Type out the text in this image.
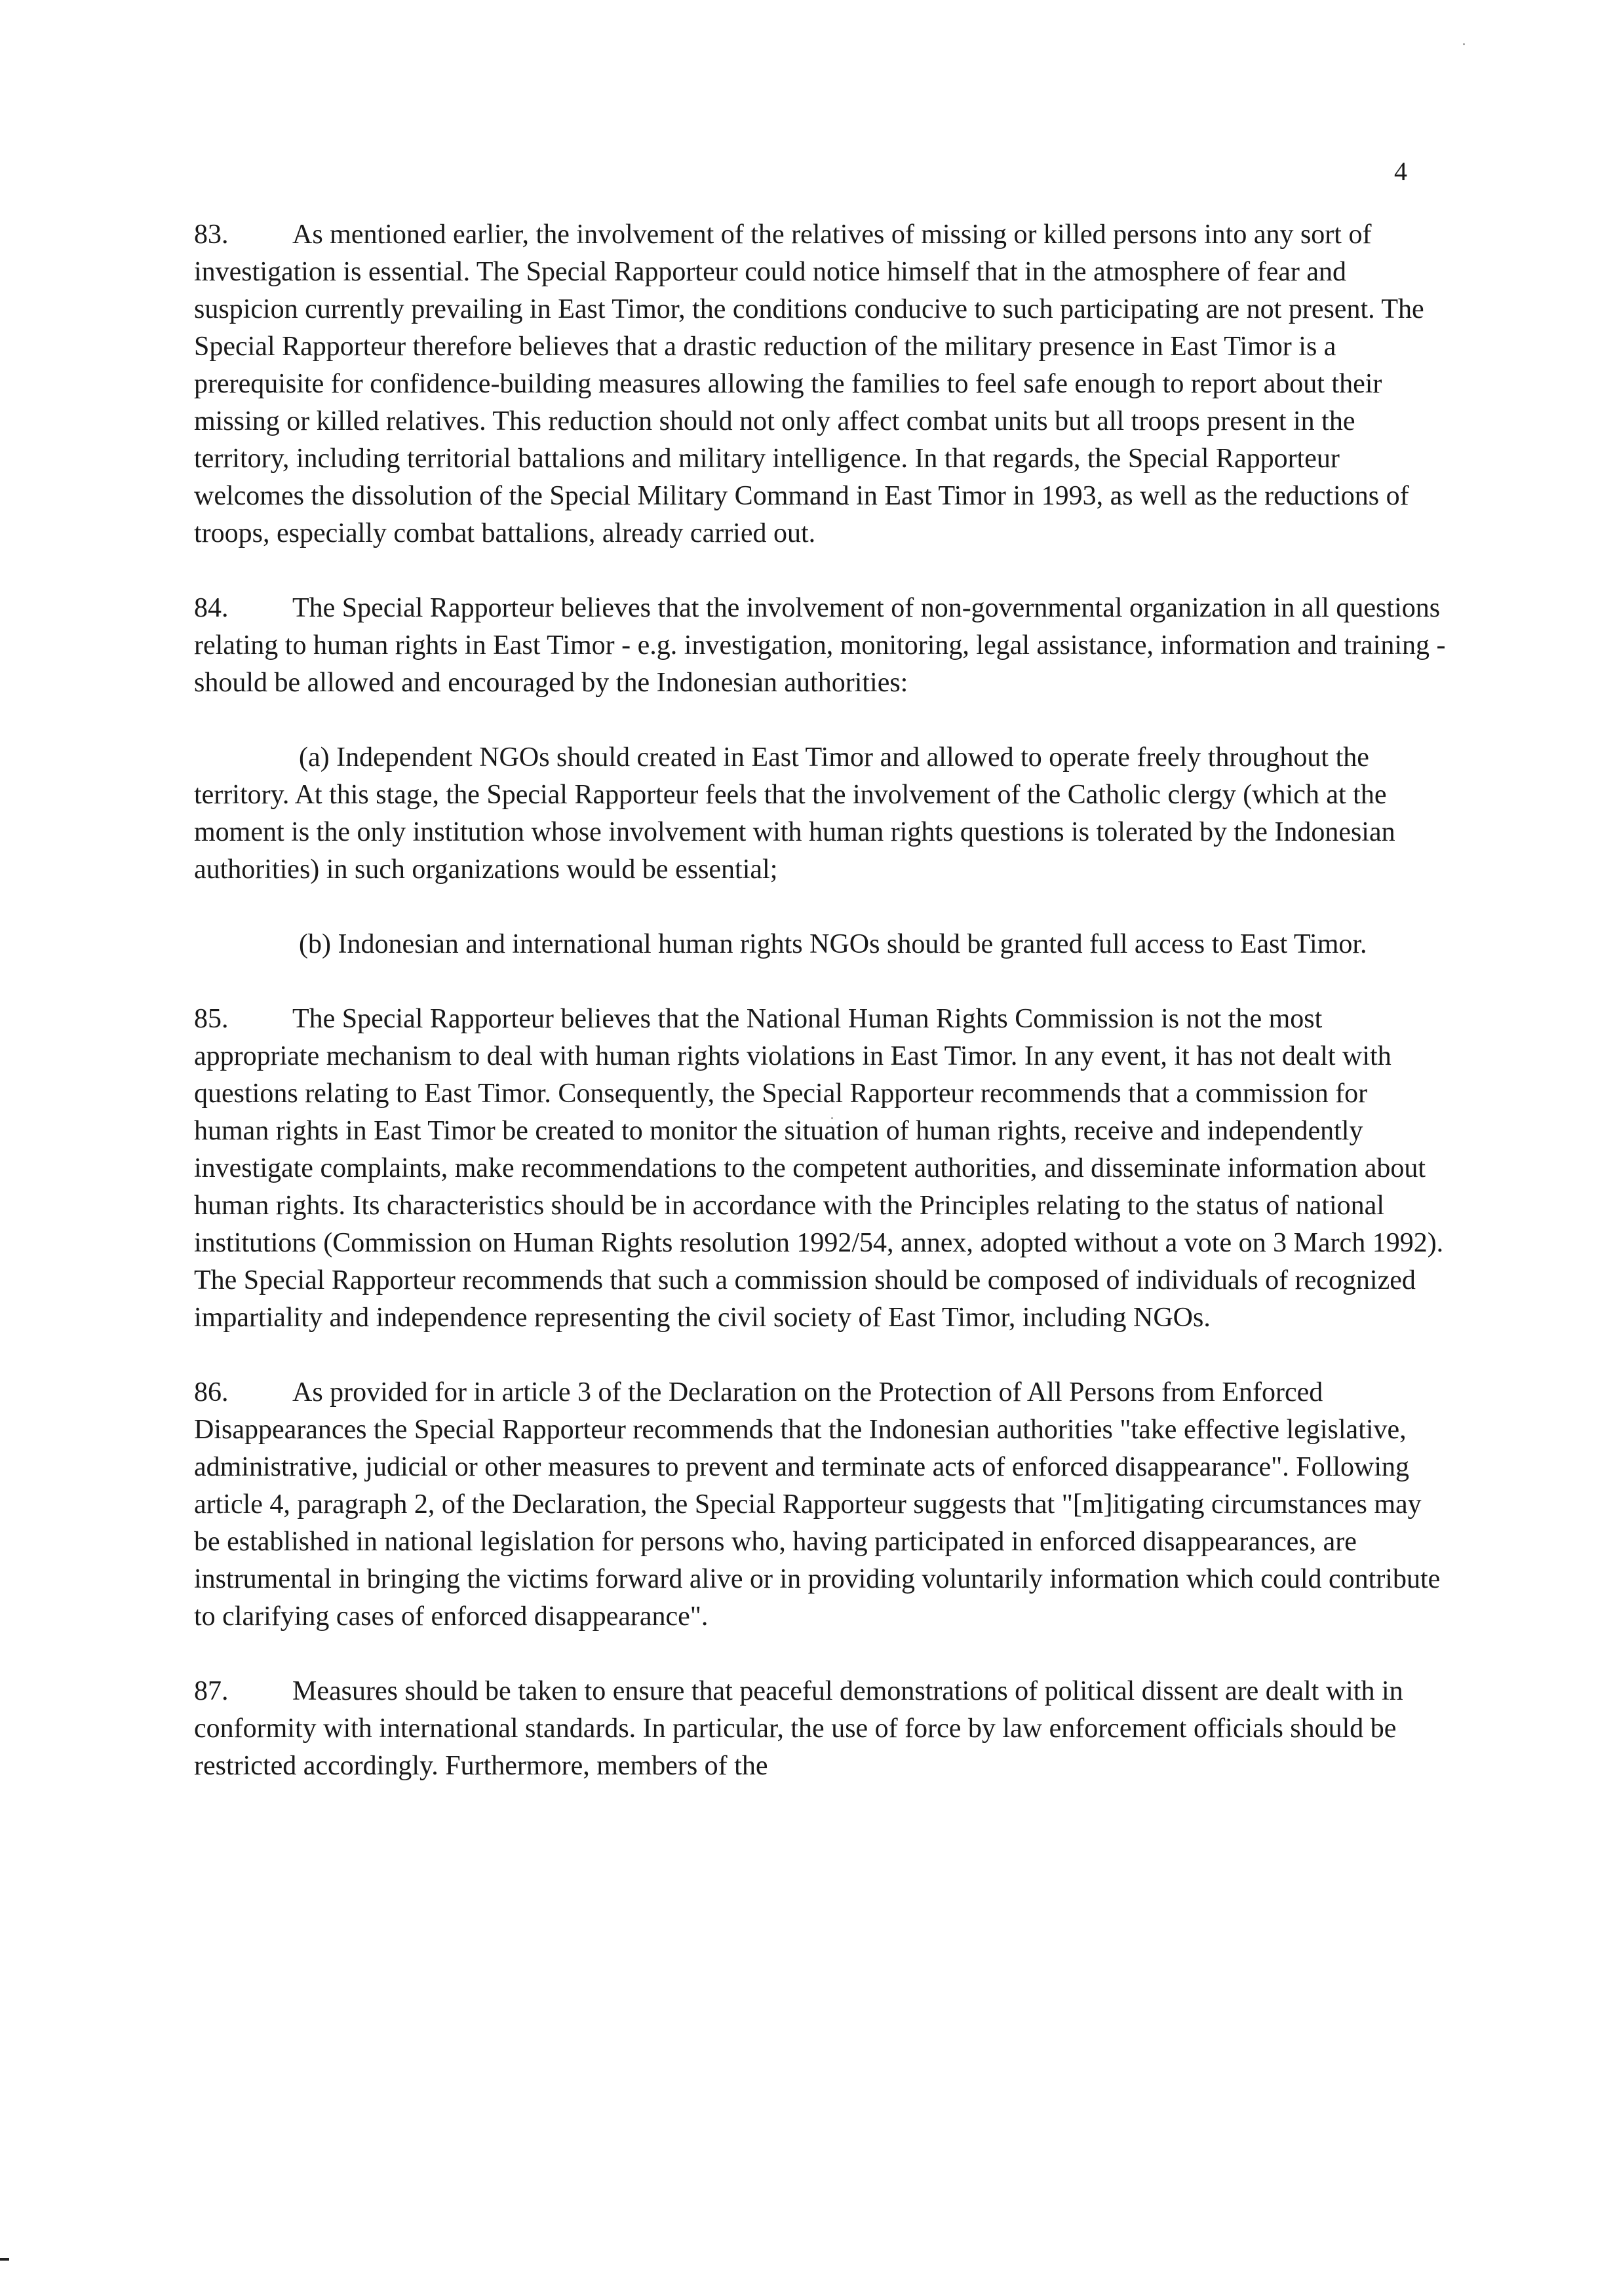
4

83. As mentioned earlier, the involvement of the relatives of missing or killed persons into any sort of investigation is essential. The Special Rapporteur could notice himself that in the atmosphere of fear and suspicion currently prevailing in East Timor, the conditions conducive to such participating are not present. The Special Rapporteur therefore believes that a drastic reduction of the military presence in East Timor is a prerequisite for confidence-building measures allowing the families to feel safe enough to report about their missing or killed relatives. This reduction should not only affect combat units but all troops present in the territory, including territorial battalions and military intelligence. In that regards, the Special Rapporteur welcomes the dissolution of the Special Military Command in East Timor in 1993, as well as the reductions of troops, especially combat battalions, already carried out.

84. The Special Rapporteur believes that the involvement of non-governmental organization in all questions relating to human rights in East Timor - e.g. investigation, monitoring, legal assistance, information and training - should be allowed and encouraged by the Indonesian authorities:

(a) Independent NGOs should created in East Timor and allowed to operate freely throughout the territory. At this stage, the Special Rapporteur feels that the involvement of the Catholic clergy (which at the moment is the only institution whose involvement with human rights questions is tolerated by the Indonesian authorities) in such organizations would be essential;

(b) Indonesian and international human rights NGOs should be granted full access to East Timor.

85. The Special Rapporteur believes that the National Human Rights Commission is not the most appropriate mechanism to deal with human rights violations in East Timor. In any event, it has not dealt with questions relating to East Timor. Consequently, the Special Rapporteur recommends that a commission for human rights in East Timor be created to monitor the situation of human rights, receive and independently investigate complaints, make recommendations to the competent authorities, and disseminate information about human rights. Its characteristics should be in accordance with the Principles relating to the status of national institutions (Commission on Human Rights resolution 1992/54, annex, adopted without a vote on 3 March 1992). The Special Rapporteur recommends that such a commission should be composed of individuals of recognized impartiality and independence representing the civil society of East Timor, including NGOs.

86. As provided for in article 3 of the Declaration on the Protection of All Persons from Enforced Disappearances the Special Rapporteur recommends that the Indonesian authorities "take effective legislative, administrative, judicial or other measures to prevent and terminate acts of enforced disappearance". Following article 4, paragraph 2, of the Declaration, the Special Rapporteur suggests that "[m]itigating circumstances may be established in national legislation for persons who, having participated in enforced disappearances, are instrumental in bringing the victims forward alive or in providing voluntarily information which could contribute to clarifying cases of enforced disappearance".

87. Measures should be taken to ensure that peaceful demonstrations of political dissent are dealt with in conformity with international standards. In particular, the use of force by law enforcement officials should be restricted accordingly. Furthermore, members of the
